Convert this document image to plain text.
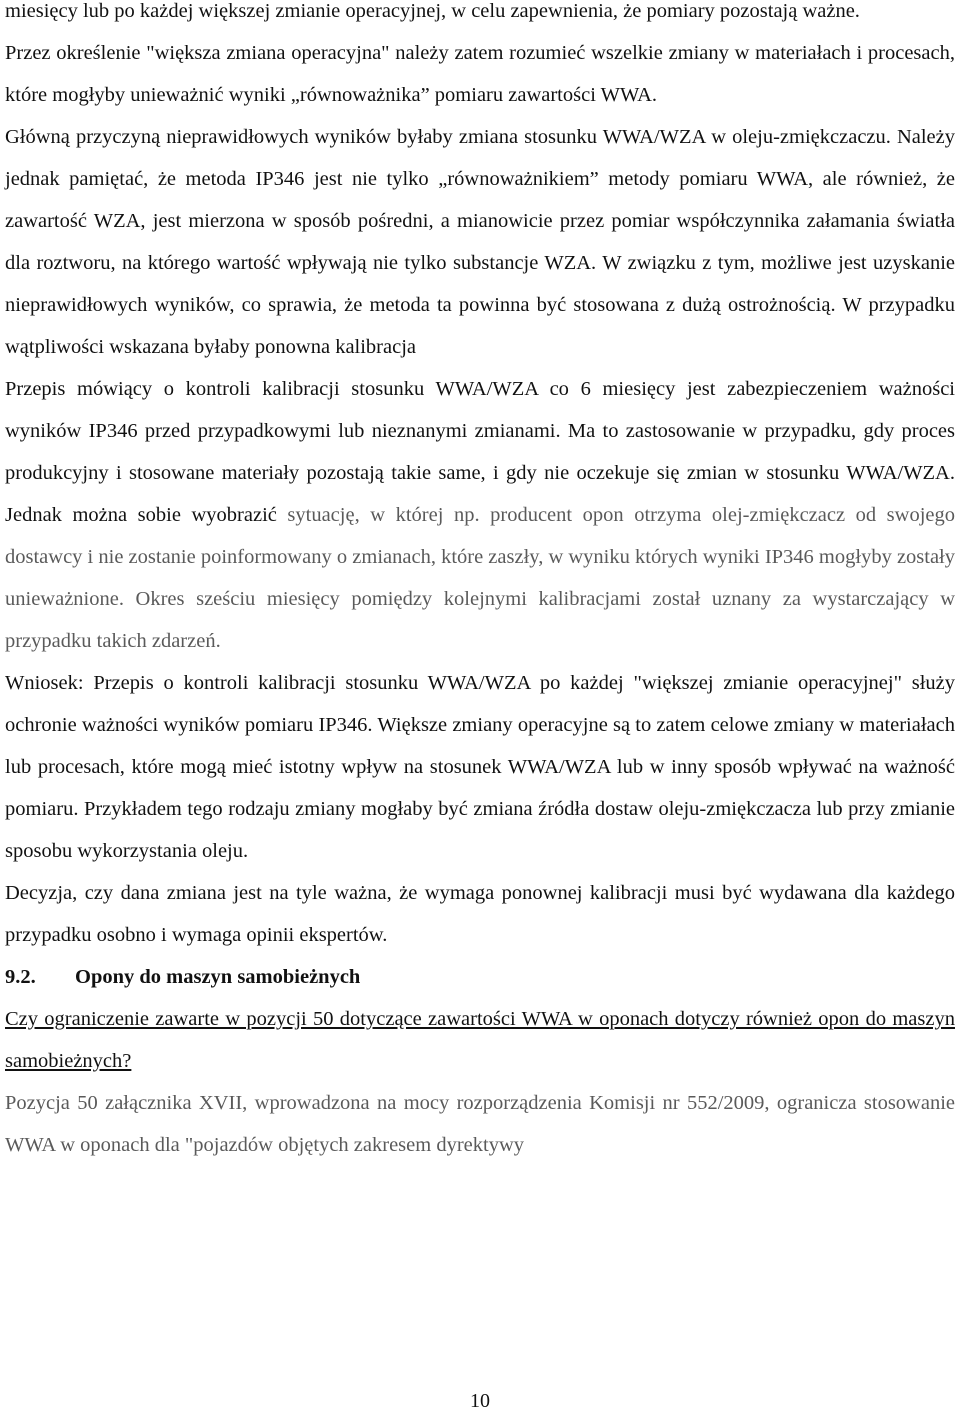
miesięcy lub po każdej większej zmianie operacyjnej, w celu zapewnienia, że pomiary pozostają ważne.

Przez określenie "większa zmiana operacyjna" należy zatem rozumieć wszelkie zmiany w materiałach i procesach, które mogłyby unieważnić wyniki „równoważnika” pomiaru zawartości WWA.

Główną przyczyną nieprawidłowych wyników byłaby zmiana stosunku WWA/WZA w oleju-zmiękczaczu. Należy jednak pamiętać, że metoda IP346 jest nie tylko „równoważnikiem” metody pomiaru WWA, ale również, że zawartość WZA, jest mierzona w sposób pośredni, a mianowicie przez pomiar współczynnika załamania światła dla roztworu, na którego wartość wpływają nie tylko substancje WZA. W związku z tym, możliwe jest uzyskanie nieprawidłowych wyników, co sprawia, że metoda ta powinna być stosowana z dużą ostrożnością. W przypadku wątpliwości wskazana byłaby ponowna kalibracja

Przepis mówiący o kontroli kalibracji stosunku WWA/WZA co 6 miesięcy jest zabezpieczeniem ważności wyników IP346 przed przypadkowymi lub nieznanymi zmianami. Ma to zastosowanie w przypadku, gdy proces produkcyjny i stosowane materiały pozostają takie same, i gdy nie oczekuje się zmian w stosunku WWA/WZA. Jednak można sobie wyobrazić sytuację, w której np. producent opon otrzyma olej-zmiękczacz od swojego dostawcy i nie zostanie poinformowany o zmianach, które zaszły, w wyniku których wyniki IP346 mogłyby zostały unieważnione. Okres sześciu miesięcy pomiędzy kolejnymi kalibracjami został uznany za wystarczający w przypadku takich zdarzeń.

Wniosek: Przepis o kontroli kalibracji stosunku WWA/WZA po każdej "większej zmianie operacyjnej" służy ochronie ważności wyników pomiaru IP346. Większe zmiany operacyjne są to zatem celowe zmiany w materiałach lub procesach, które mogą mieć istotny wpływ na stosunek WWA/WZA lub w inny sposób wpływać na ważność pomiaru. Przykładem tego rodzaju zmiany mogłaby być zmiana źródła dostaw oleju-zmiękczacza lub przy zmianie sposobu wykorzystania oleju.

Decyzja, czy dana zmiana jest na tyle ważna, że wymaga ponownej kalibracji musi być wydawana dla każdego przypadku osobno i wymaga opinii ekspertów.

9.2. Opony do maszyn samobieżnych

Czy ograniczenie zawarte w pozycji 50 dotyczące zawartości WWA w oponach dotyczy również opon do maszyn samobieżnych?

Pozycja 50 załącznika XVII, wprowadzona na mocy rozporządzenia Komisji nr 552/2009, ogranicza stosowanie WWA w oponach dla "pojazdów objętych zakresem dyrektywy

10
